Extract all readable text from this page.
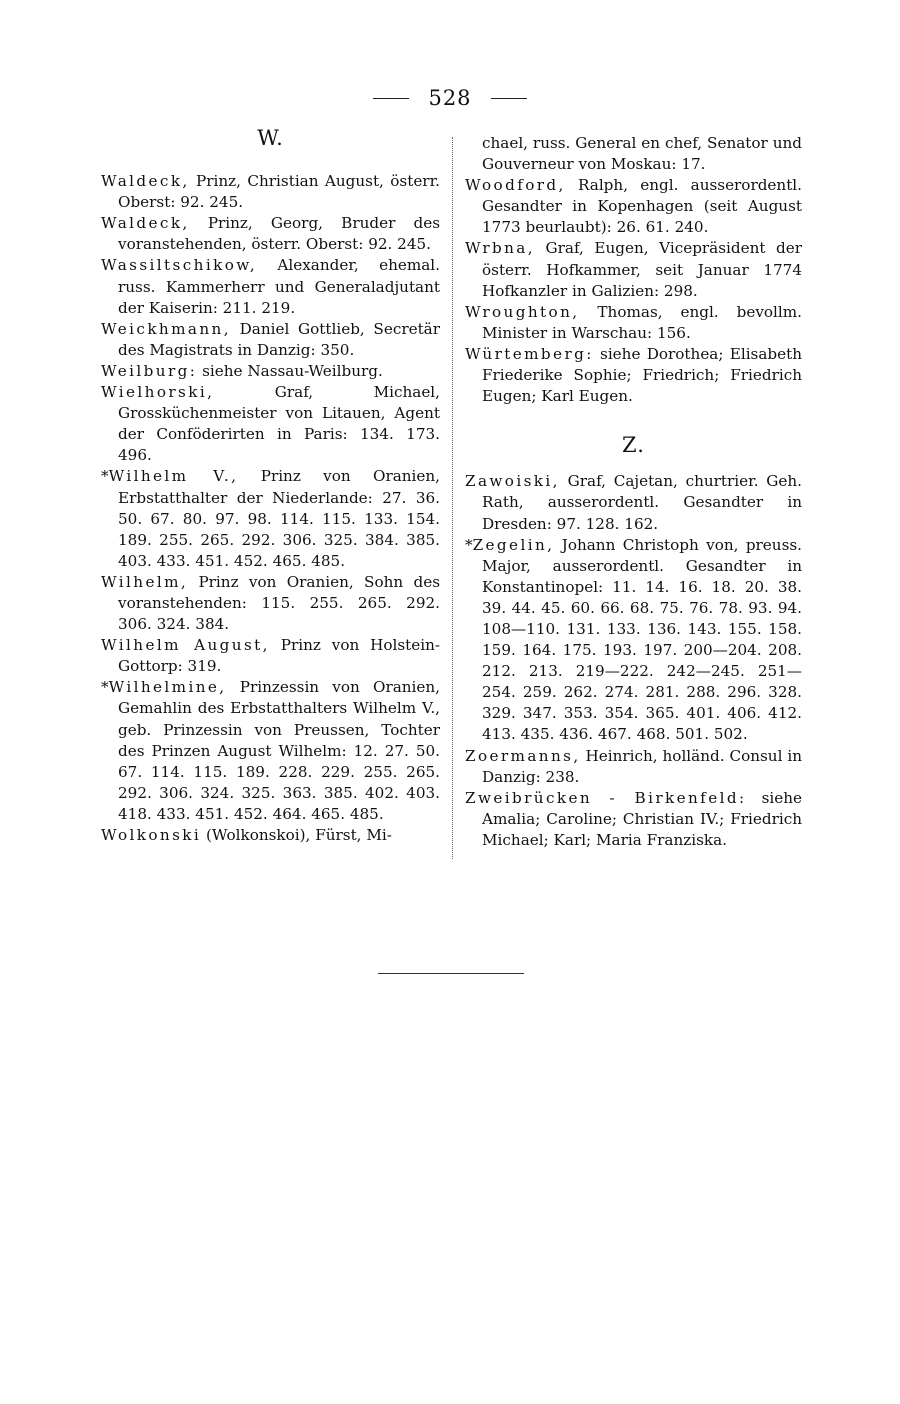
528
W.

Waldeck, Prinz, Christian August, österr. Oberst: 92. 245.

Waldeck, Prinz, Georg, Bruder des voranstehenden, österr. Oberst: 92. 245.

Wassiltschikow, Alexander, ehemal. russ. Kammerherr und Generaladjutant der Kaiserin: 211. 219.

Weickhmann, Daniel Gottlieb, Secretär des Magistrats in Danzig: 350.

Weilburg: siehe Nassau-Weilburg.

Wielhorski, Graf, Michael, Grossküchenmeister von Litauen, Agent der Conföderirten in Paris: 134. 173. 496.

*Wilhelm V., Prinz von Oranien, Erbstatthalter der Niederlande: 27. 36. 50. 67. 80. 97. 98. 114. 115. 133. 154. 189. 255. 265. 292. 306. 325. 384. 385. 403. 433. 451. 452. 465. 485.

Wilhelm, Prinz von Oranien, Sohn des voranstehenden: 115. 255. 265. 292. 306. 324. 384.

Wilhelm August, Prinz von Holstein-Gottorp: 319.

*Wilhelmine, Prinzessin von Oranien, Gemahlin des Erbstatthalters Wilhelm V., geb. Prinzessin von Preussen, Tochter des Prinzen August Wilhelm: 12. 27. 50. 67. 114. 115. 189. 228. 229. 255. 265. 292. 306. 324. 325. 363. 385. 402. 403. 418. 433. 451. 452. 464. 465. 485.

Wolkonski (Wolkonskoi), Fürst, Mi-

chael, russ. General en chef, Senator und Gouverneur von Moskau: 17.

Woodford, Ralph, engl. ausserordentl. Gesandter in Kopenhagen (seit August 1773 beurlaubt): 26. 61. 240.

Wrbna, Graf, Eugen, Vicepräsident der österr. Hofkammer, seit Januar 1774 Hofkanzler in Galizien: 298.

Wroughton, Thomas, engl. bevollm. Minister in Warschau: 156.

Würtemberg: siehe Dorothea; Elisabeth Friederike Sophie; Friedrich; Friedrich Eugen; Karl Eugen.

Z.

Zawoiski, Graf, Cajetan, churtrier. Geh. Rath, ausserordentl. Gesandter in Dresden: 97. 128. 162.

*Zegelin, Johann Christoph von, preuss. Major, ausserordentl. Gesandter in Konstantinopel: 11. 14. 16. 18. 20. 38. 39. 44. 45. 60. 66. 68. 75. 76. 78. 93. 94. 108—110. 131. 133. 136. 143. 155. 158. 159. 164. 175. 193. 197. 200—204. 208. 212. 213. 219—222. 242—245. 251—254. 259. 262. 274. 281. 288. 296. 328. 329. 347. 353. 354. 365. 401. 406. 412. 413. 435. 436. 467. 468. 501. 502.

Zoermanns, Heinrich, holländ. Consul in Danzig: 238.

Zweibrücken - Birkenfeld: siehe Amalia; Caroline; Christian IV.; Friedrich Michael; Karl; Maria Franziska.
